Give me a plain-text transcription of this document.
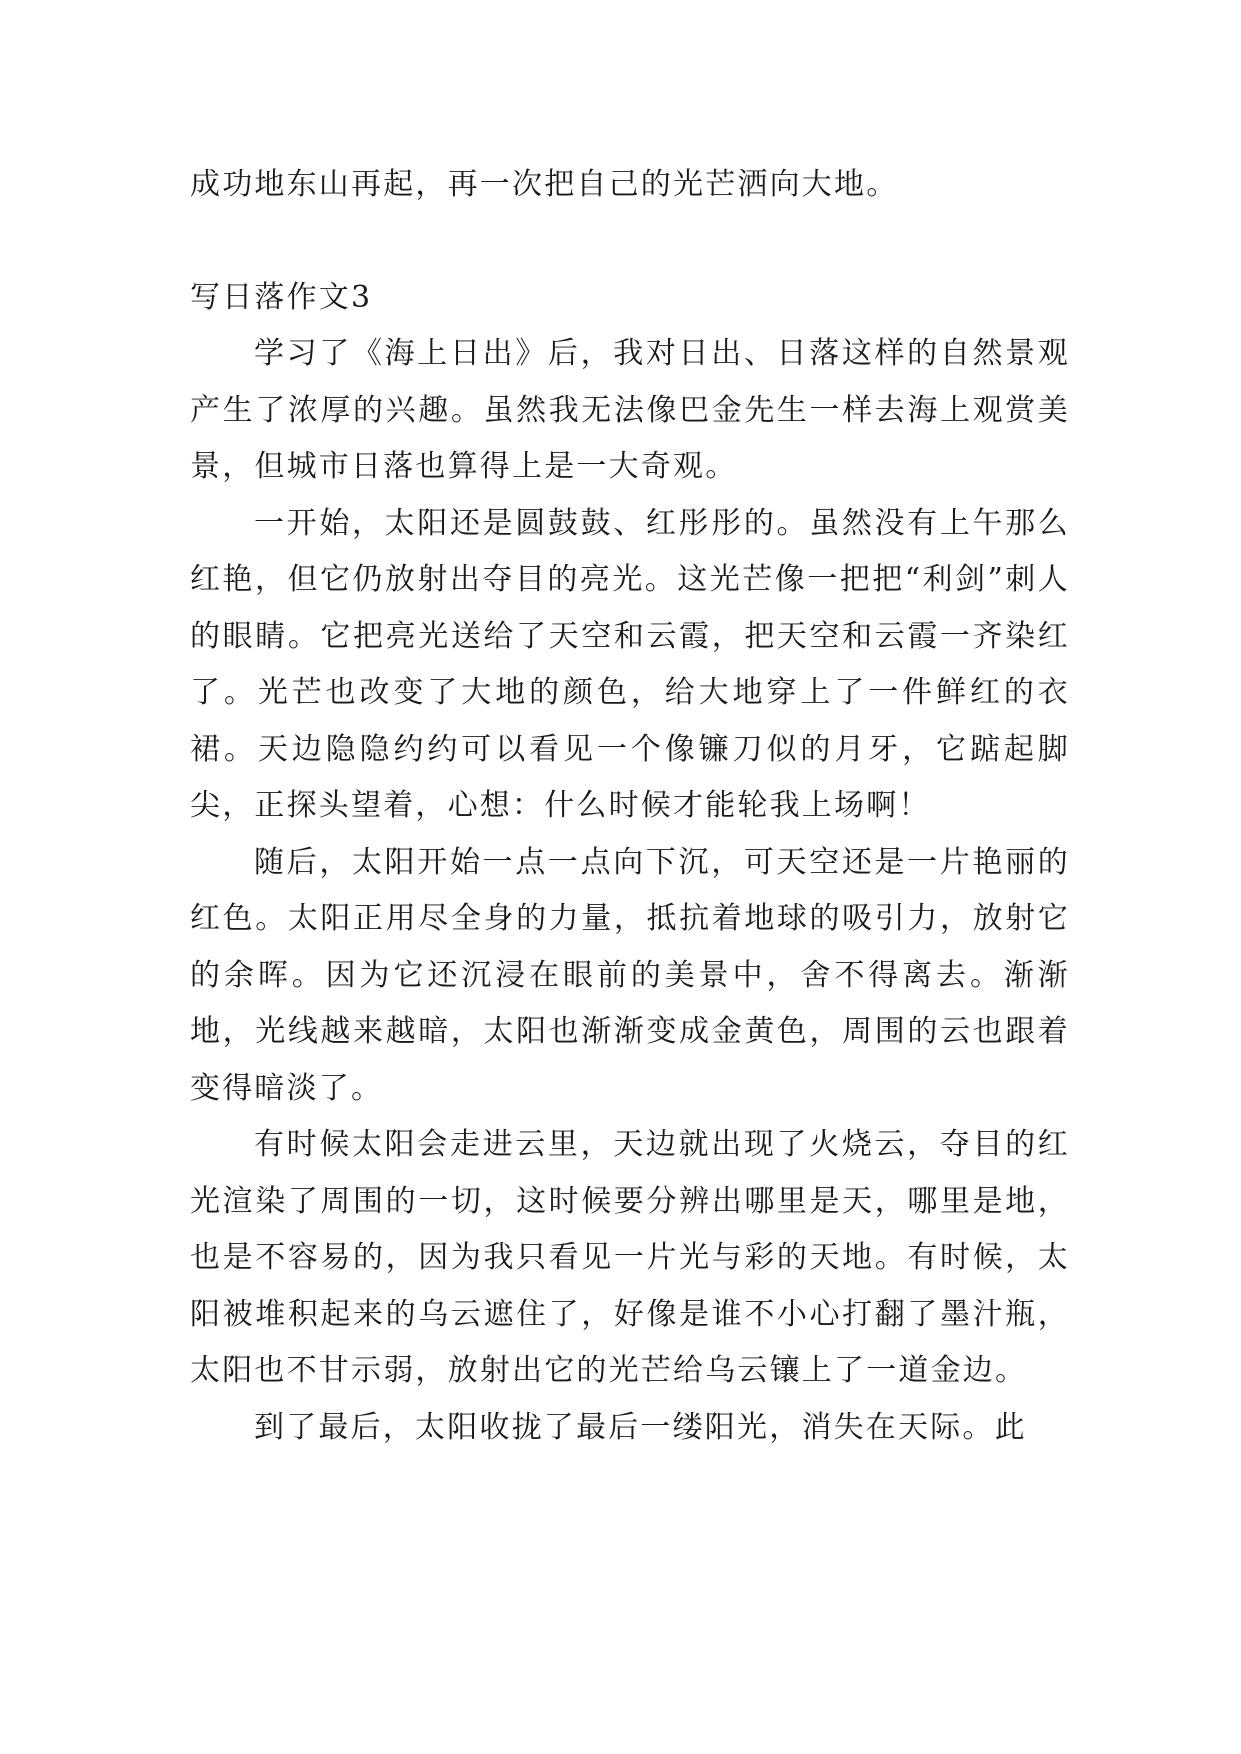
成功地东山再起，再一次把自己的光芒洒向大地。

写日落作文3

学习了《海上日出》后，我对日出、日落这样的自然景观产生了浓厚的兴趣。虽然我无法像巴金先生一样去海上观赏美景，但城市日落也算得上是一大奇观。

一开始，太阳还是圆鼓鼓、红彤彤的。虽然没有上午那么红艳，但它仍放射出夺目的亮光。这光芒像一把把“利剑”刺人的眼睛。它把亮光送给了天空和云霞，把天空和云霞一齐染红了。光芒也改变了大地的颜色，给大地穿上了一件鲜红的衣裙。天边隐隐约约可以看见一个像镰刀似的月牙，它踮起脚尖，正探头望着，心想：什么时候才能轮我上场啊！

随后，太阳开始一点一点向下沉，可天空还是一片艳丽的红色。太阳正用尽全身的力量，抵抗着地球的吸引力，放射它的余晖。因为它还沉浸在眼前的美景中，舍不得离去。渐渐地，光线越来越暗，太阳也渐渐变成金黄色，周围的云也跟着变得暗淡了。

有时候太阳会走进云里，天边就出现了火烧云，夺目的红光渲染了周围的一切，这时候要分辨出哪里是天，哪里是地，也是不容易的，因为我只看见一片光与彩的天地。有时候，太阳被堆积起来的乌云遮住了，好像是谁不小心打翻了墨汁瓶，太阳也不甘示弱，放射出它的光芒给乌云镶上了一道金边。

到了最后，太阳收拢了最后一缕阳光，消失在天际。此
